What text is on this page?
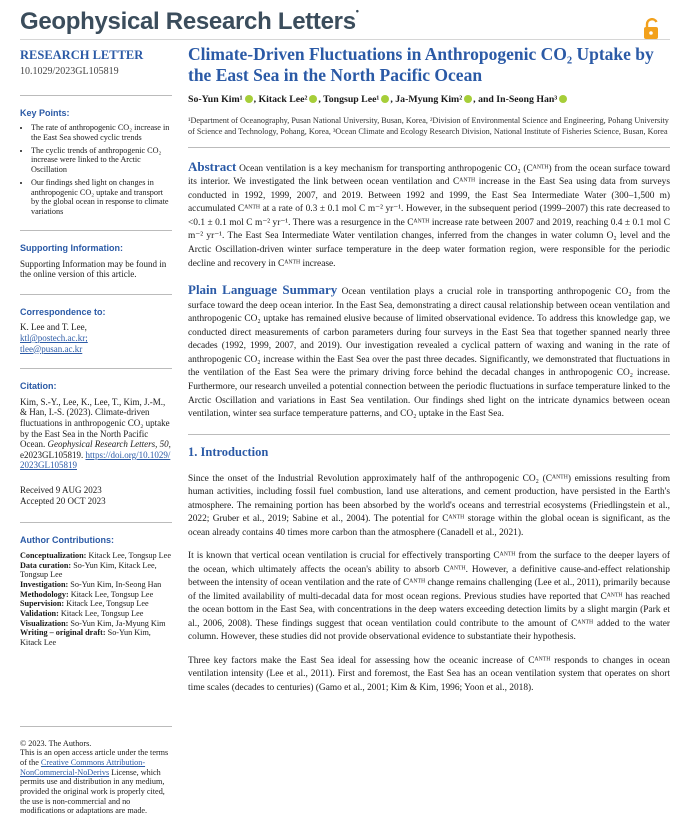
Geophysical Research Letters•
RESEARCH LETTER
10.1029/2023GL105819
Key Points:
• The rate of anthropogenic CO₂ increase in the East Sea showed cyclic trends
• The cyclic trends of anthropogenic CO₂ increase were linked to the Arctic Oscillation
• Our findings shed light on changes in anthropogenic CO₂ uptake and transport by the global ocean in response to climate variations
Supporting Information:
Supporting Information may be found in the online version of this article.
Correspondence to:
K. Lee and T. Lee,
ktl@postech.ac.kr;
tlee@pusan.ac.kr
Citation:
Kim, S.-Y., Lee, K., Lee, T., Kim, J.-M., & Han, I.-S. (2023). Climate-driven fluctuations in anthropogenic CO₂ uptake by the East Sea in the North Pacific Ocean. Geophysical Research Letters, 50, e2023GL105819. https://doi.org/10.1029/2023GL105819
Received 9 AUG 2023
Accepted 20 OCT 2023
Author Contributions:
Conceptualization: Kitack Lee, Tongsup Lee
Data curation: So-Yun Kim, Kitack Lee, Tongsup Lee
Investigation: So-Yun Kim, In-Seong Han
Methodology: Kitack Lee, Tongsup Lee
Supervision: Kitack Lee, Tongsup Lee
Validation: Kitack Lee, Tongsup Lee
Visualization: So-Yun Kim, Ja-Myung Kim
Writing – original draft: So-Yun Kim, Kitack Lee
© 2023. The Authors.
This is an open access article under the terms of the Creative Commons Attribution-NonCommercial-NoDerivs License, which permits use and distribution in any medium, provided the original work is properly cited, the use is non-commercial and no modifications or adaptations are made.
Climate-Driven Fluctuations in Anthropogenic CO₂ Uptake by the East Sea in the North Pacific Ocean
So-Yun Kim¹ , Kitack Lee² , Tongsup Lee¹ , Ja-Myung Kim² , and In-Seong Han³
¹Department of Oceanography, Pusan National University, Busan, Korea, ²Division of Environmental Science and Engineering, Pohang University of Science and Technology, Pohang, Korea, ³Ocean Climate and Ecology Research Division, National Institute of Fisheries Science, Busan, Korea
Abstract Ocean ventilation is a key mechanism for transporting anthropogenic CO₂ (Cᴬᴺᵀᴴ) from the ocean surface toward its interior. We investigated the link between ocean ventilation and Cᴬᴺᵀᴴ increase in the East Sea using data from surveys conducted in 1992, 1999, 2007, and 2019. Between 1992 and 1999, the East Sea Intermediate Water (300–1,500 m) accumulated Cᴬᴺᵀᴴ at a rate of 0.3 ± 0.1 mol C m⁻² yr⁻¹. However, in the subsequent period (1999–2007) this rate decreased to <0.1 ± 0.1 mol C m⁻² yr⁻¹. There was a resurgence in the Cᴬᴺᵀᴴ increase rate between 2007 and 2019, reaching 0.4 ± 0.1 mol C m⁻² yr⁻¹. The East Sea Intermediate Water ventilation changes, inferred from the changes in water column O₂ level and the Arctic Oscillation-driven winter surface temperature in the deep water formation region, were responsible for the periodic decline and recovery in Cᴬᴺᵀᴴ increase.
Plain Language Summary Ocean ventilation plays a crucial role in transporting anthropogenic CO₂ from the surface toward the deep ocean interior. In the East Sea, demonstrating a direct causal relationship between ocean ventilation and anthropogenic CO₂ uptake has remained elusive because of limited observational evidence. To address this knowledge gap, we conducted direct measurements of carbon parameters during four surveys in the East Sea that together spanned nearly three decades (1992, 1999, 2007, and 2019). Our investigation revealed a cyclical pattern of waxing and waning in the rate of anthropogenic CO₂ increase within the East Sea over the past three decades. Significantly, we demonstrated that fluctuations in the ventilation of the East Sea were the primary driving force behind the decadal changes in anthropogenic CO₂ increase. Furthermore, our research unveiled a potential connection between the periodic fluctuations in surface temperature linked to the Arctic Oscillation and variations in East Sea ventilation. Our findings shed light on the intricate dynamics between ocean ventilation, winter sea surface temperature patterns, and CO₂ uptake in the East Sea.
1. Introduction

Since the onset of the Industrial Revolution approximately half of the anthropogenic CO₂ (Cᴬᴺᵀᴴ) emissions resulting from human activities, including fossil fuel combustion, land use alterations, and cement production, have persisted in the Earth's atmosphere. The remaining portion has been absorbed by the world's oceans and terrestrial ecosystems (Friedlingstein et al., 2022; Gruber et al., 2019; Sabine et al., 2004). The potential for Cᴬᴺᵀᴴ storage within the global ocean is significant, as the ocean already contains 40 times more carbon than the atmosphere (Canadell et al., 2021).

It is known that vertical ocean ventilation is crucial for effectively transporting Cᴬᴺᵀᴴ from the surface to the deeper layers of the ocean, which ultimately affects the ocean's ability to absorb Cᴬᴺᵀᴴ. However, a definitive cause-and-effect relationship between the intensity of ocean ventilation and the rate of Cᴬᴺᵀᴴ change remains challenging (Lee et al., 2011), primarily because of the limited availability of multi-decadal data for most ocean regions. Previous studies have reported that Cᴬᴺᵀᴴ has reached the ocean bottom in the East Sea, with concentrations in the deep waters exceeding detection limits by a slight margin (Park et al., 2006, 2008). These findings suggest that ocean ventilation could contribute to the amount of Cᴬᴺᵀᴴ added to the water column. However, these studies did not provide observational evidence to substantiate their hypothesis.

Three key factors make the East Sea ideal for assessing how the oceanic increase of Cᴬᴺᵀᴴ responds to changes in ocean ventilation intensity (Lee et al., 2011). First and foremost, the East Sea has an ocean ventilation system that operates on short time scales (decades to centuries) (Gamo et al., 2001; Kim & Kim, 1996; Yoon et al., 2018).
